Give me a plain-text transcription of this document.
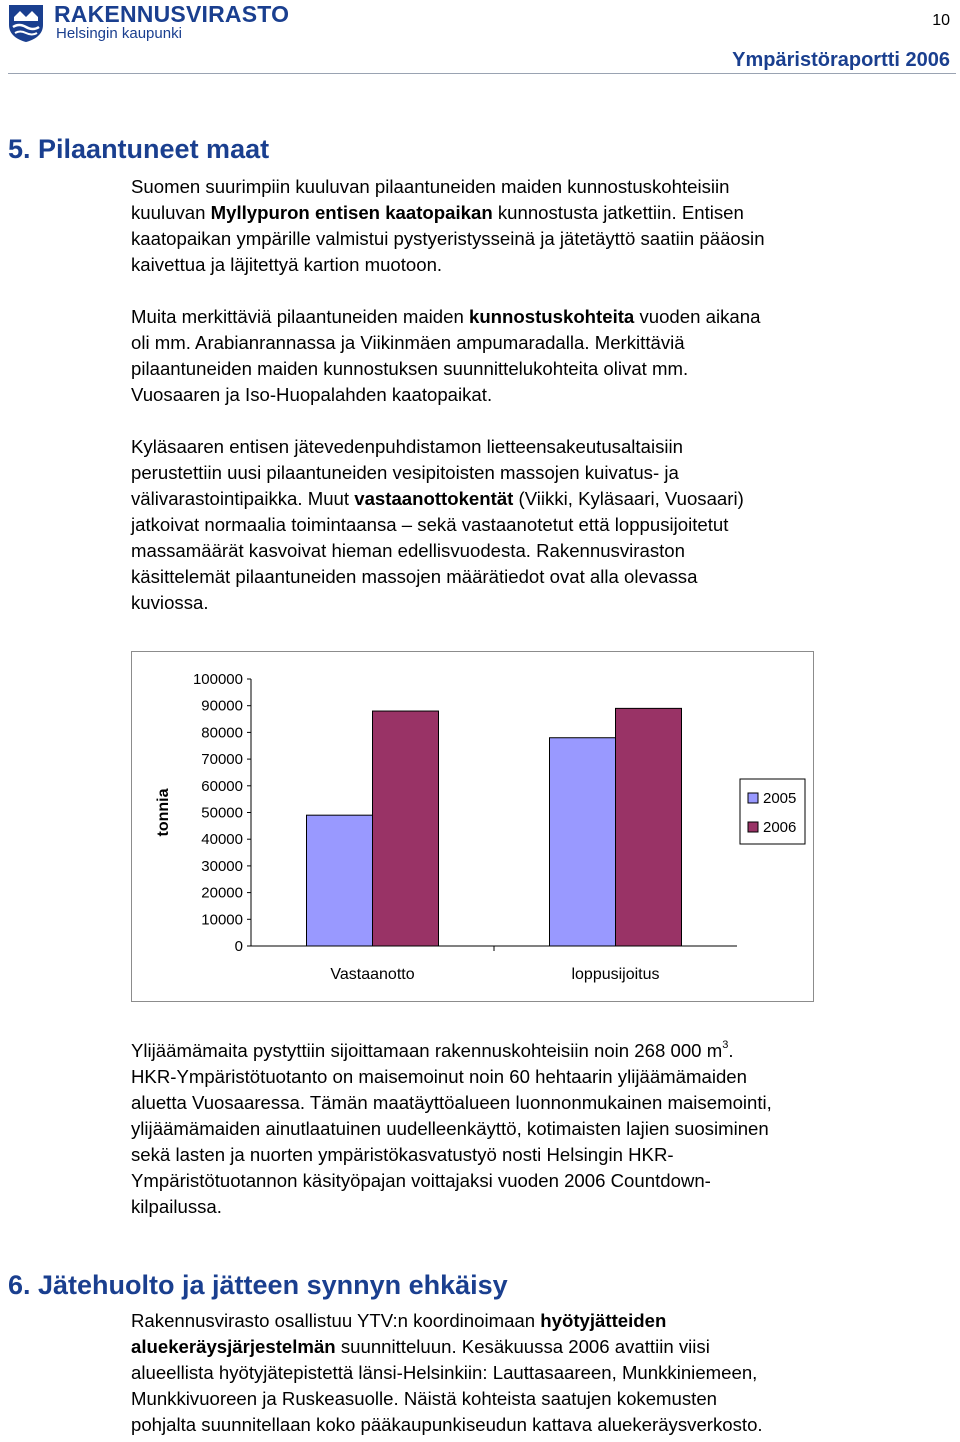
RAKENNUSVIRASTO
Helsingin kaupunki
10
Ympäristöraportti 2006
5. Pilaantuneet maat
Suomen suurimpiin kuuluvan pilaantuneiden maiden kunnostuskohteisiin
kuuluvan Myllypuron entisen kaatopaikan kunnostusta jatkettiin. Entisen
kaatopaikan ympärille valmistui pystyeristysseinä ja jätetäyttö saatiin pääosin
kaivettua ja läjitettyä kartion muotoon.
Muita merkittäviä pilaantuneiden maiden kunnostuskohteita vuoden aikana
oli mm. Arabianrannassa ja Viikinmäen ampumaradalla. Merkittäviä
pilaantuneiden maiden kunnostuksen suunnittelukohteita olivat mm.
Vuosaaren ja Iso-Huopalahden kaatopaikat.
Kyläsaaren entisen jätevedenpuhdistamon lietteensakeutusaltaisiin
perustettiin uusi pilaantuneiden vesipitoisten massojen kuivatus- ja
välivarastointipaikka. Muut vastaanottokentät (Viikki, Kyläsaari, Vuosaari)
jatkoivat normaalia toimintaansa – sekä vastaanotetut että loppusijoitetut
massamäärät kasvoivat hieman edellisvuodesta. Rakennusviraston
käsittelemät pilaantuneiden massojen määrätiedot ovat alla olevassa
kuviossa.
100000
90000
80000
70000
60000
50000
40000
30000
20000
10000
0
tonnia
Vastaanotto	loppusijoitus
2005
2006
Ylijäämämaita pystyttiin sijoittamaan rakennuskohteisiin noin 268 000 $m^3$.
HKR-Ympäristötuotanto on maisemoinut noin 60 hehtaarin ylijäämämaiden
aluetta Vuosaaressa. Tämän maatäyttöalueen luonnonmukainen maisemointi,
ylijäämämaiden ainutlaatuinen uudelleenkäyttö, kotimaisten lajien suosiminen
sekä lasten ja nuorten ympäristökasvatustyö nosti Helsingin HKR-
Ympäristötuotannon käsityöpajan voittajaksi vuoden 2006 Countdown-
kilpailussa.
6. Jätehuolto ja jätteen synnyn ehkäisy
Rakennusvirasto osallistuu YTV:n koordinoimaan hyötyjätteiden
aluekeräysjärjestelmän suunnitteluun. Kesäkuussa 2006 avattiin viisi
alueellista hyötyjätepistettä länsi-Helsinkiin: Lauttasaareen, Munkkiniemeen,
Munkkivuoreen ja Ruskeasuolle. Näistä kohteista saatujen kokemusten
pohjalta suunnitellaan koko pääkaupunkiseudun kattava aluekeräysverkosto.
